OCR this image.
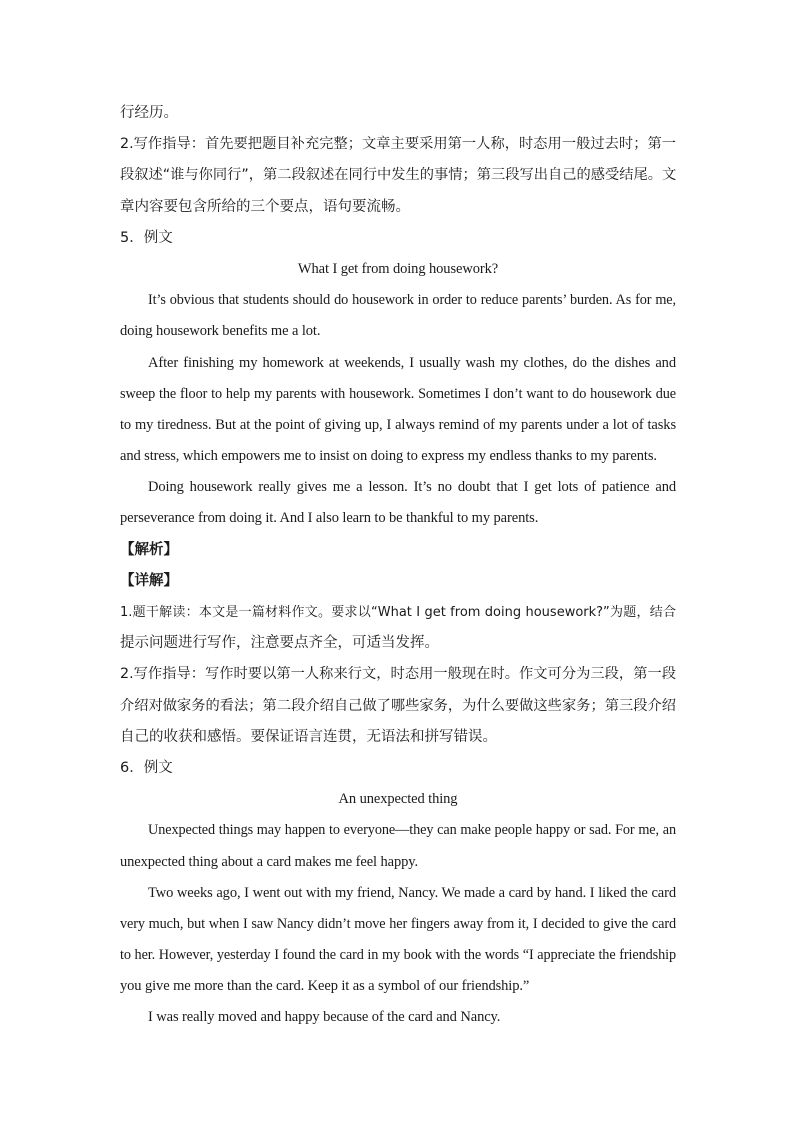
行经历。
2.写作指导：首先要把题目补充完整；文章主要采用第一人称，时态用一般过去时；第一
段叙述“谁与你同行”，第二段叙述在同行中发生的事情；第三段写出自己的感受结尾。文
章内容要包含所给的三个要点，语句要流畅。
5．例文
What I get from doing housework?
It’s obvious that students should do housework in order to reduce parents’ burden. As for me,
doing housework benefits me a lot.
After finishing my homework at weekends, I usually wash my clothes, do the dishes and
sweep the floor to help my parents with housework. Sometimes I don’t want to do housework due
to my tiredness. But at the point of giving up, I always remind of my parents under a lot of tasks
and stress, which empowers me to insist on doing to express my endless thanks to my parents.
Doing housework really gives me a lesson. It’s no doubt that I get lots of patience and
perseverance from doing it. And I also learn to be thankful to my parents.
【解析】
【详解】
1.题干解读：本文是一篇材料作文。要求以“What I get from doing housework?”为题，结合
提示问题进行写作，注意要点齐全，可适当发挥。
2.写作指导：写作时要以第一人称来行文，时态用一般现在时。作文可分为三段，第一段
介绍对做家务的看法；第二段介绍自己做了哪些家务，为什么要做这些家务；第三段介绍
自己的收获和感悟。要保证语言连贯，无语法和拼写错误。
6．例文
An unexpected thing
Unexpected things may happen to everyone—they can make people happy or sad. For me, an
unexpected thing about a card makes me feel happy.
Two weeks ago, I went out with my friend, Nancy. We made a card by hand. I liked the card
very much, but when I saw Nancy didn’t move her fingers away from it, I decided to give the card
to her. However, yesterday I found the card in my book with the words “I appreciate the friendship
you give me more than the card. Keep it as a symbol of our friendship.”
I was really moved and happy because of the card and Nancy.
